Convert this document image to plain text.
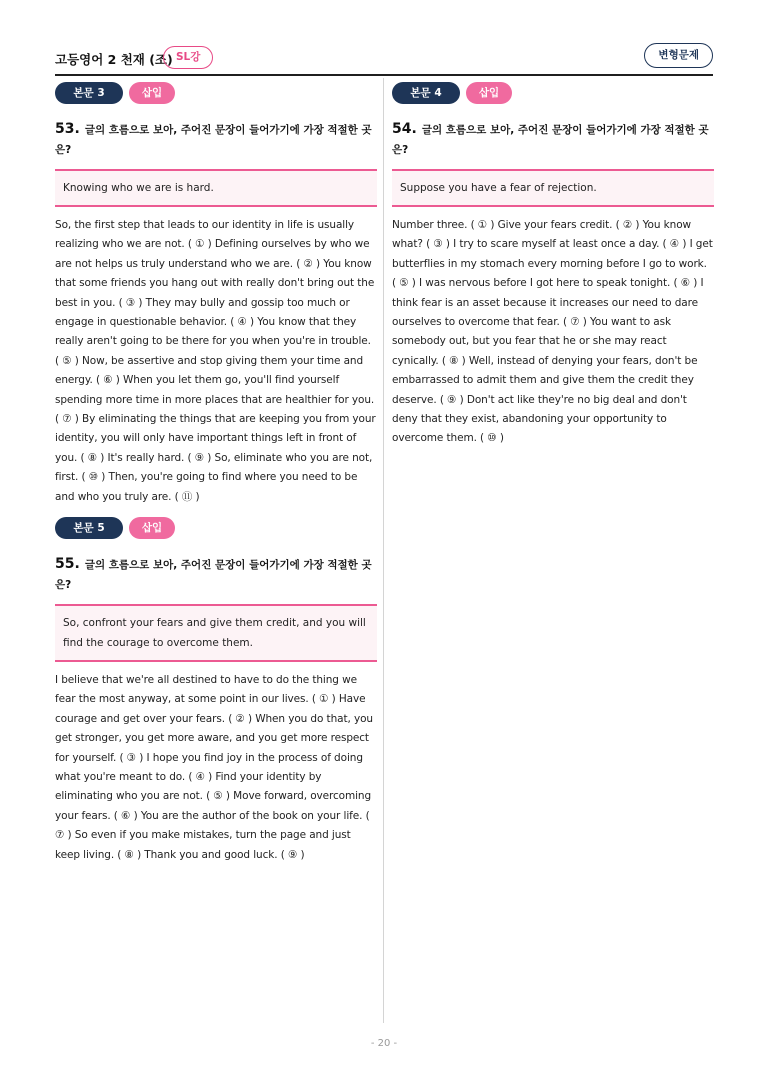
고등영어 2 천재 (조) SL강	변형문제
본문 3	삽입
53. 글의 흐름으로 보아, 주어진 문장이 들어가기에 가장 적절한 곳은?
Knowing who we are is hard.
So, the first step that leads to our identity in life is usually realizing who we are not. ( ① ) Defining ourselves by who we are not helps us truly understand who we are. ( ② ) You know that some friends you hang out with really don't bring out the best in you. ( ③ ) They may bully and gossip too much or engage in questionable behavior. ( ④ ) You know that they really aren't going to be there for you when you're in trouble. ( ⑤ ) Now, be assertive and stop giving them your time and energy. ( ⑥ ) When you let them go, you'll find yourself spending more time in more places that are healthier for you. ( ⑦ ) By eliminating the things that are keeping you from your identity, you will only have important things left in front of you. ( ⑧ ) It's really hard. ( ⑨ ) So, eliminate who you are not, first. ( ⑩ ) Then, you're going to find where you need to be and who you truly are. ( ⑪ )
본문 5	삽입
55. 글의 흐름으로 보아, 주어진 문장이 들어가기에 가장 적절한 곳은?
So, confront your fears and give them credit, and you will find the courage to overcome them.
I believe that we're all destined to have to do the thing we fear the most anyway, at some point in our lives. ( ① ) Have courage and get over your fears. ( ② ) When you do that, you get stronger, you get more aware, and you get more respect for yourself. ( ③ ) I hope you find joy in the process of doing what you're meant to do. ( ④ ) Find your identity by eliminating who you are not. ( ⑤ ) Move forward, overcoming your fears. ( ⑥ ) You are the author of the book on your life. ( ⑦ ) So even if you make mistakes, turn the page and just keep living. ( ⑧ ) Thank you and good luck. ( ⑨ )
본문 4	삽입
54. 글의 흐름으로 보아, 주어진 문장이 들어가기에 가장 적절한 곳은?
Suppose you have a fear of rejection.
Number three. ( ① ) Give your fears credit. ( ② ) You know what? ( ③ ) I try to scare myself at least once a day. ( ④ ) I get butterflies in my stomach every morning before I go to work. ( ⑤ ) I was nervous before I got here to speak tonight. ( ⑥ ) I think fear is an asset because it increases our need to dare ourselves to overcome that fear. ( ⑦ ) You want to ask somebody out, but you fear that he or she may react cynically. ( ⑧ ) Well, instead of denying your fears, don't be embarrassed to admit them and give them the credit they deserve. ( ⑨ ) Don't act like they're no big deal and don't deny that they exist, abandoning your opportunity to overcome them. ( ⑩ )
- 20 -
